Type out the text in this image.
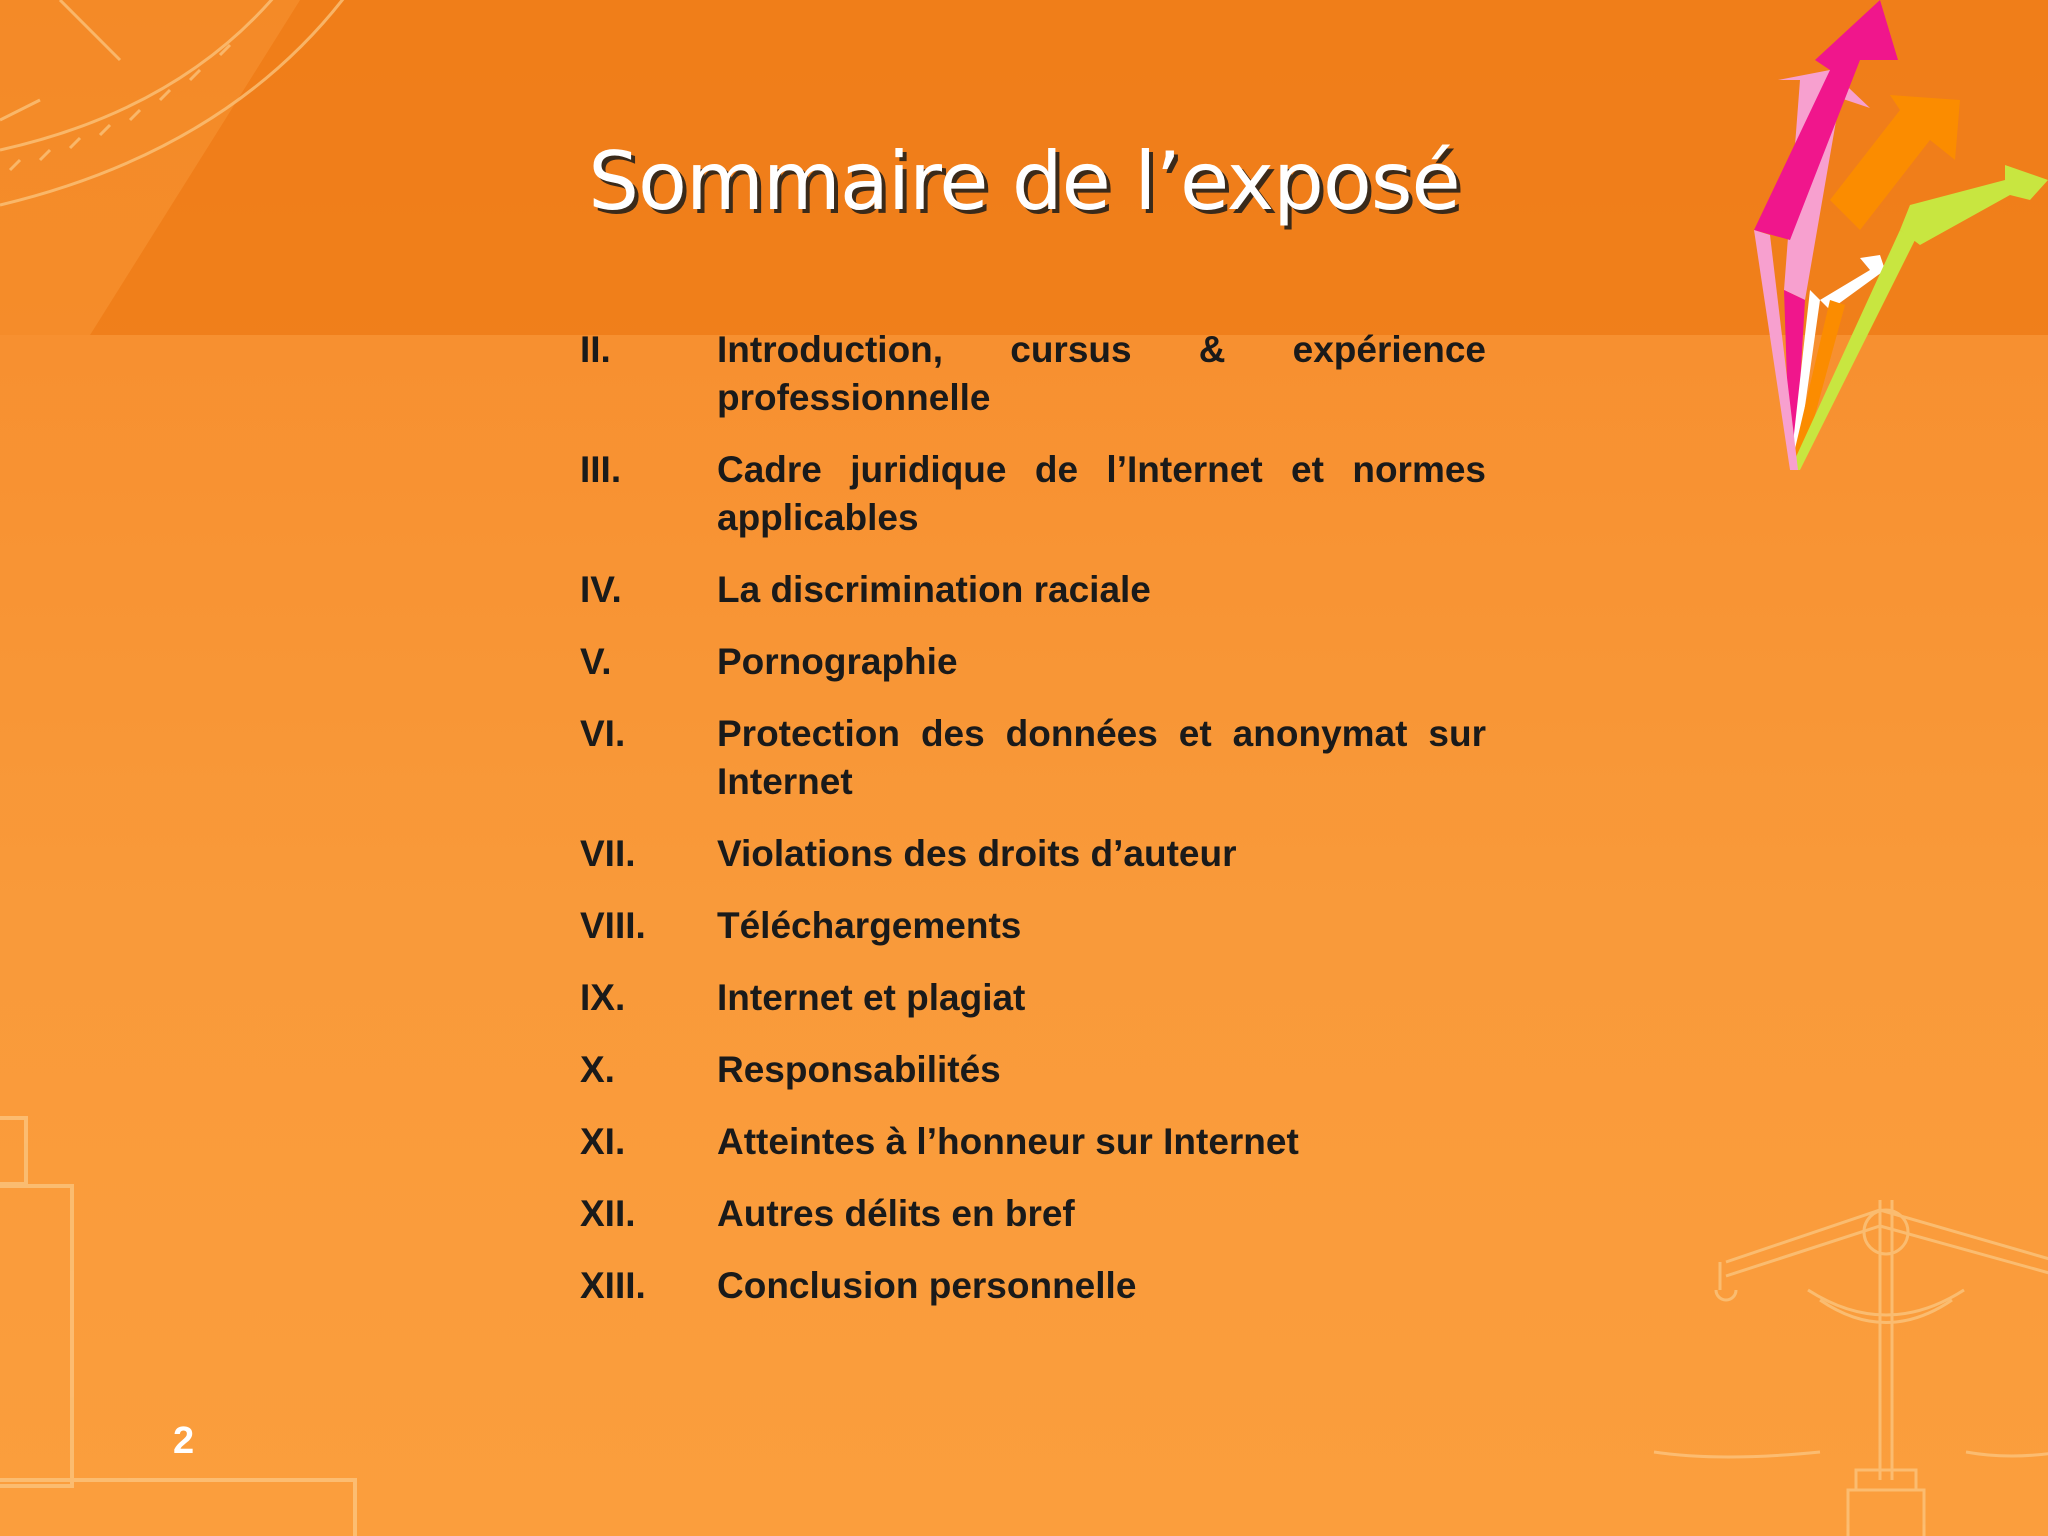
Sommaire de l’exposé
II.	Introduction, cursus & expérience professionnelle
III.	Cadre juridique de l’Internet et normes applicables
IV.	La discrimination raciale
V.	Pornographie
VI.	Protection des données et anonymat sur Internet
VII.	Violations des droits d’auteur
VIII.	Téléchargements
IX.	Internet et plagiat
X.	Responsabilités
XI.	Atteintes à l’honneur sur Internet
XII.	Autres délits en bref
XIII.	Conclusion personnelle
2
